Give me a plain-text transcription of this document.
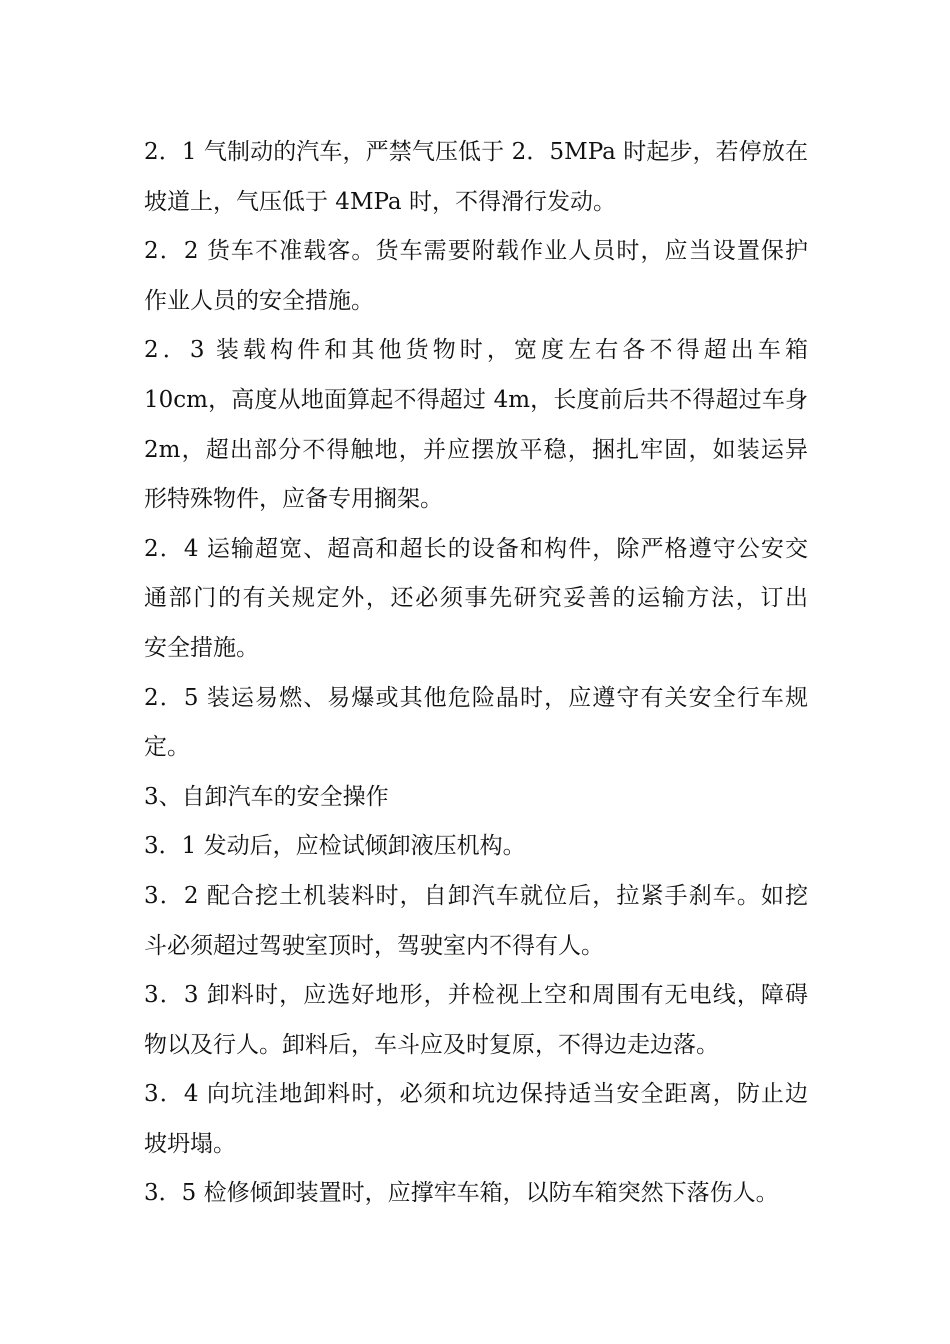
2．1 气制动的汽车，严禁气压低于 2．5MPa 时起步，若停放在
坡道上，气压低于 4MPa 时，不得滑行发动。
2．2 货车不准载客。货车需要附载作业人员时，应当设置保护
作业人员的安全措施。
2．3 装载构件和其他货物时，宽度左右各不得超出车箱
10cm，高度从地面算起不得超过 4m，长度前后共不得超过车身
2m，超出部分不得触地，并应摆放平稳，捆扎牢固，如装运异
形特殊物件，应备专用搁架。
2．4 运输超宽、超高和超长的设备和构件，除严格遵守公安交
通部门的有关规定外，还必须事先研究妥善的运输方法，订出
安全措施。
2．5 装运易燃、易爆或其他危险晶时，应遵守有关安全行车规
定。
3、自卸汽车的安全操作
3．1 发动后，应检试倾卸液压机构。
3．2 配合挖土机装料时，自卸汽车就位后，拉紧手刹车。如挖
斗必须超过驾驶室顶时，驾驶室内不得有人。
3．3 卸料时，应选好地形，并检视上空和周围有无电线，障碍
物以及行人。卸料后，车斗应及时复原，不得边走边落。
3．4 向坑洼地卸料时，必须和坑边保持适当安全距离，防止边
坡坍塌。
3．5 检修倾卸装置时，应撑牢车箱，以防车箱突然下落伤人。
